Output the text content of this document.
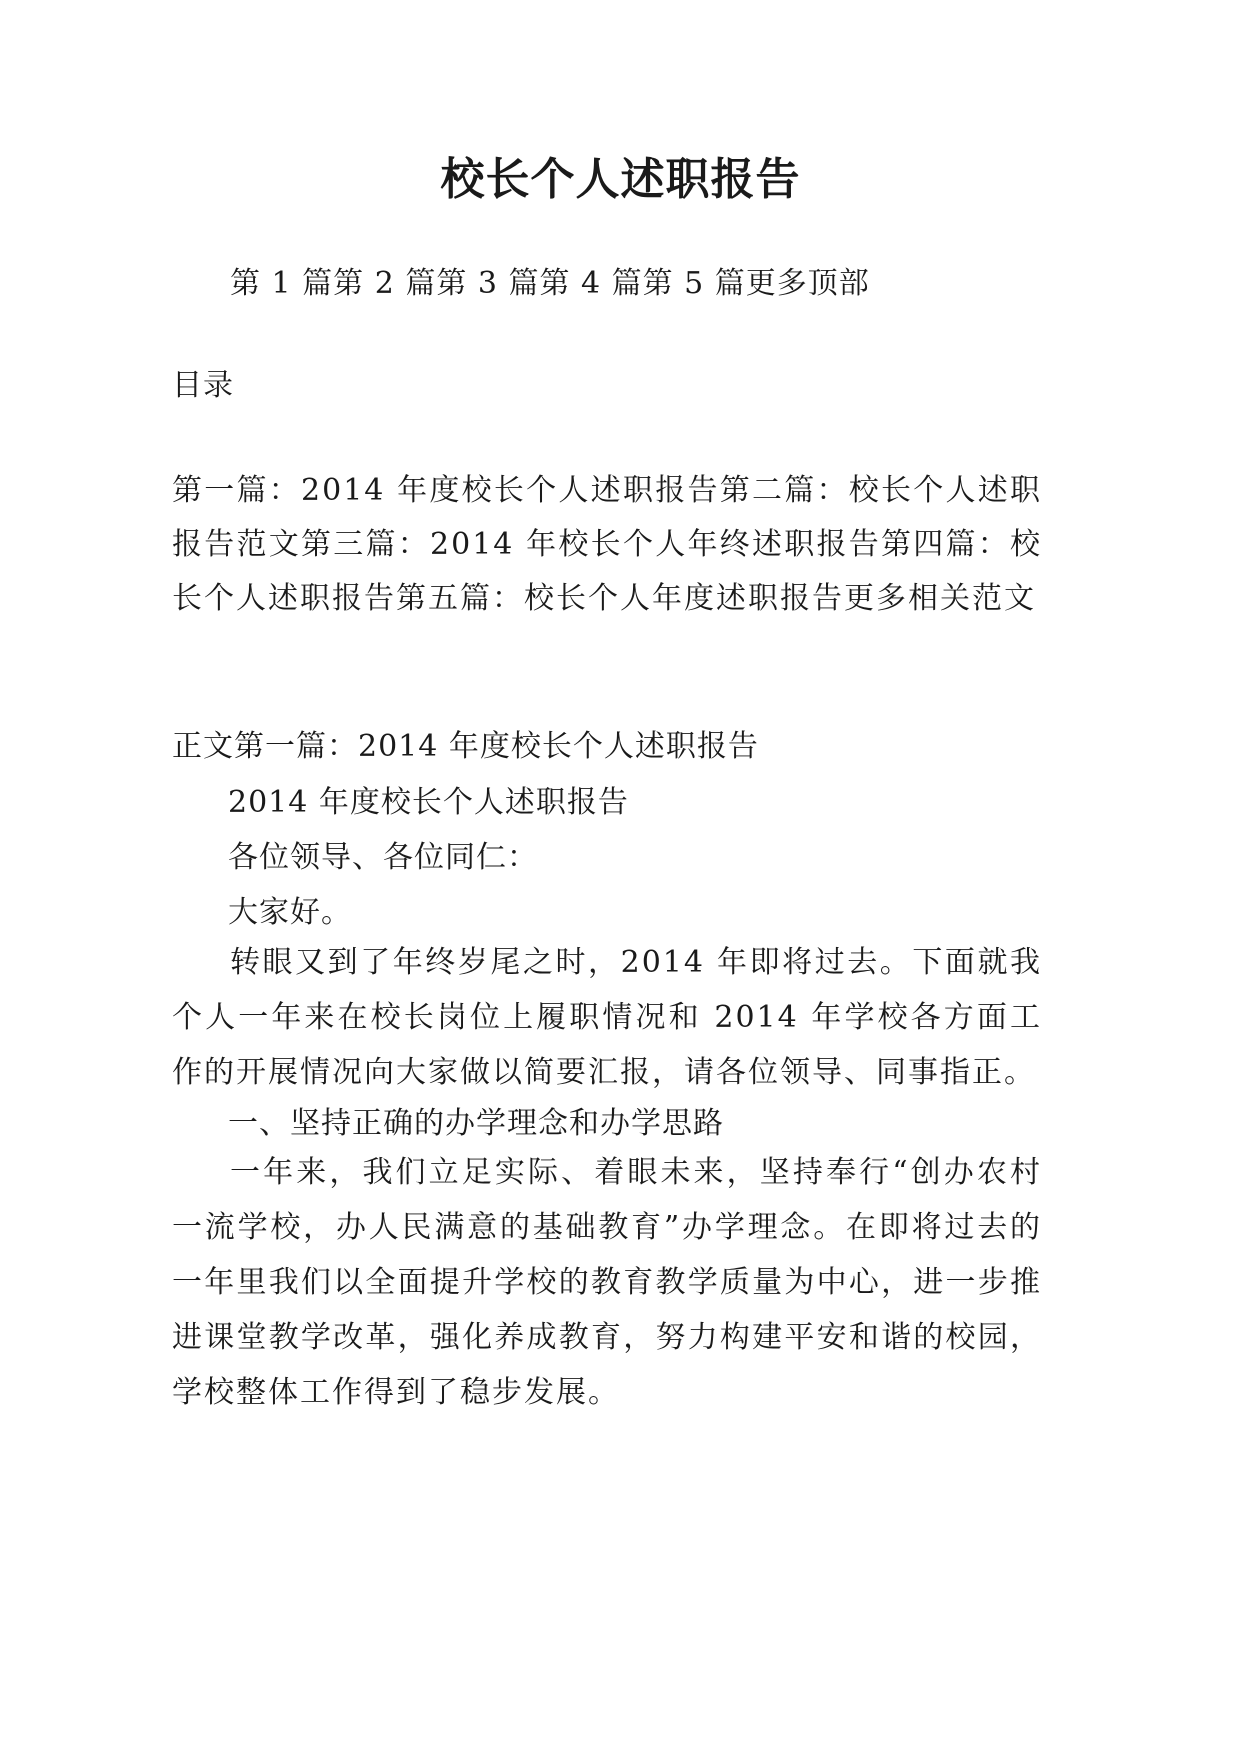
校长个人述职报告
第 1 篇第 2 篇第 3 篇第 4 篇第 5 篇更多顶部
目录
第一篇：2014 年度校长个人述职报告第二篇：校长个人述职报告范文第三篇：2014 年校长个人年终述职报告第四篇：校长个人述职报告第五篇：校长个人年度述职报告更多相关范文
正文第一篇：2014 年度校长个人述职报告
2014 年度校长个人述职报告
各位领导、各位同仁：
大家好。
转眼又到了年终岁尾之时，2014 年即将过去。下面就我个人一年来在校长岗位上履职情况和 2014 年学校各方面工作的开展情况向大家做以简要汇报，请各位领导、同事指正。
一、坚持正确的办学理念和办学思路
一年来，我们立足实际、着眼未来，坚持奉行“创办农村一流学校，办人民满意的基础教育”办学理念。在即将过去的一年里我们以全面提升学校的教育教学质量为中心，进一步推进课堂教学改革，强化养成教育，努力构建平安和谐的校园，学校整体工作得到了稳步发展。
